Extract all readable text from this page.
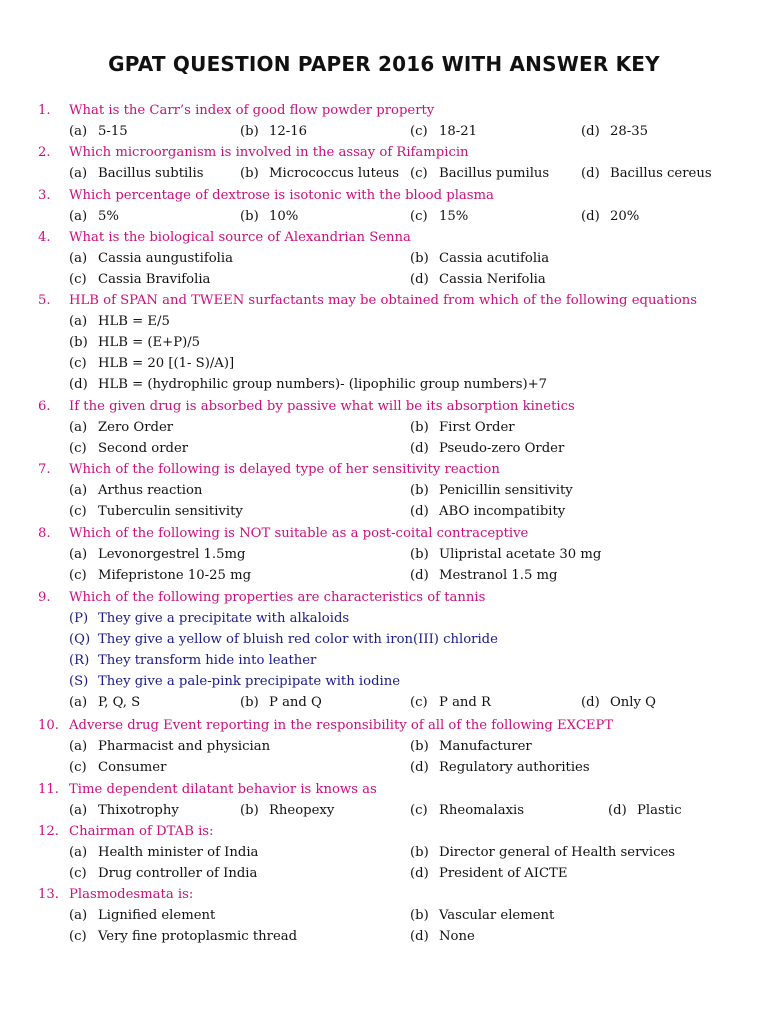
GPAT QUESTION PAPER 2016 WITH ANSWER KEY
1. What is the Carr’s index of good flow powder property
(a) 5-15	(b) 12-16	(c) 18-21	(d) 28-35
2. Which microorganism is involved in the assay of Rifampicin
(a) Bacillus subtilis	(b) Micrococcus luteus (c) Bacillus pumilus (d) Bacillus cereus
3. Which percentage of dextrose is isotonic with the blood plasma
(a) 5%	(b) 10%	(c) 15%	(d) 20%
4. What is the biological source of Alexandrian Senna
(a) Cassia aungustifolia	(b) Cassia acutifolia
(c) Cassia Bravifolia	(d) Cassia Nerifolia
5. HLB of SPAN and TWEEN surfactants may be obtained from which of the following equations
(a) HLB = E/5
(b) HLB = (E+P)/5
(c) HLB = 20 [(1- S)/A)]
(d) HLB = (hydrophilic group numbers)- (lipophilic group numbers)+7
6. If the given drug is absorbed by passive what will be its absorption kinetics
(a) Zero Order	(b) First Order
(c) Second order	(d) Pseudo-zero Order
7. Which of the following is delayed type of her sensitivity reaction
(a) Arthus reaction	(b) Penicillin sensitivity
(c) Tuberculin sensitivity	(d) ABO incompatibity
8. Which of the following is NOT suitable as a post-coital contraceptive
(a) Levonorgestrel 1.5mg	(b) Ulipristal acetate 30 mg
(c) Mifepristone 10-25 mg	(d) Mestranol 1.5 mg
9. Which of the following properties are characteristics of tannis
(P) They give a precipitate with alkaloids
(Q) They give a yellow of bluish red color with iron(III) chloride
(R) They transform hide into leather
(S) They give a pale-pink precipipate with iodine
(a) P, Q, S	(b) P and Q	(c) P and R	(d) Only Q
10. Adverse drug Event reporting in the responsibility of all of the following EXCEPT
(a) Pharmacist and physician	(b) Manufacturer
(c) Consumer	(d) Regulatory authorities
11. Time dependent dilatant behavior is knows as
(a) Thixotrophy	(b) Rheopexy	(c) Rheomalaxis	(d) Plastic
12. Chairman of DTAB is:
(a) Health minister of India	(b) Director general of Health services
(c) Drug controller of India	(d) President of AICTE
13. Plasmodesmata is:
(a) Lignified element	(b) Vascular element
(c) Very fine protoplasmic thread	(d) None
